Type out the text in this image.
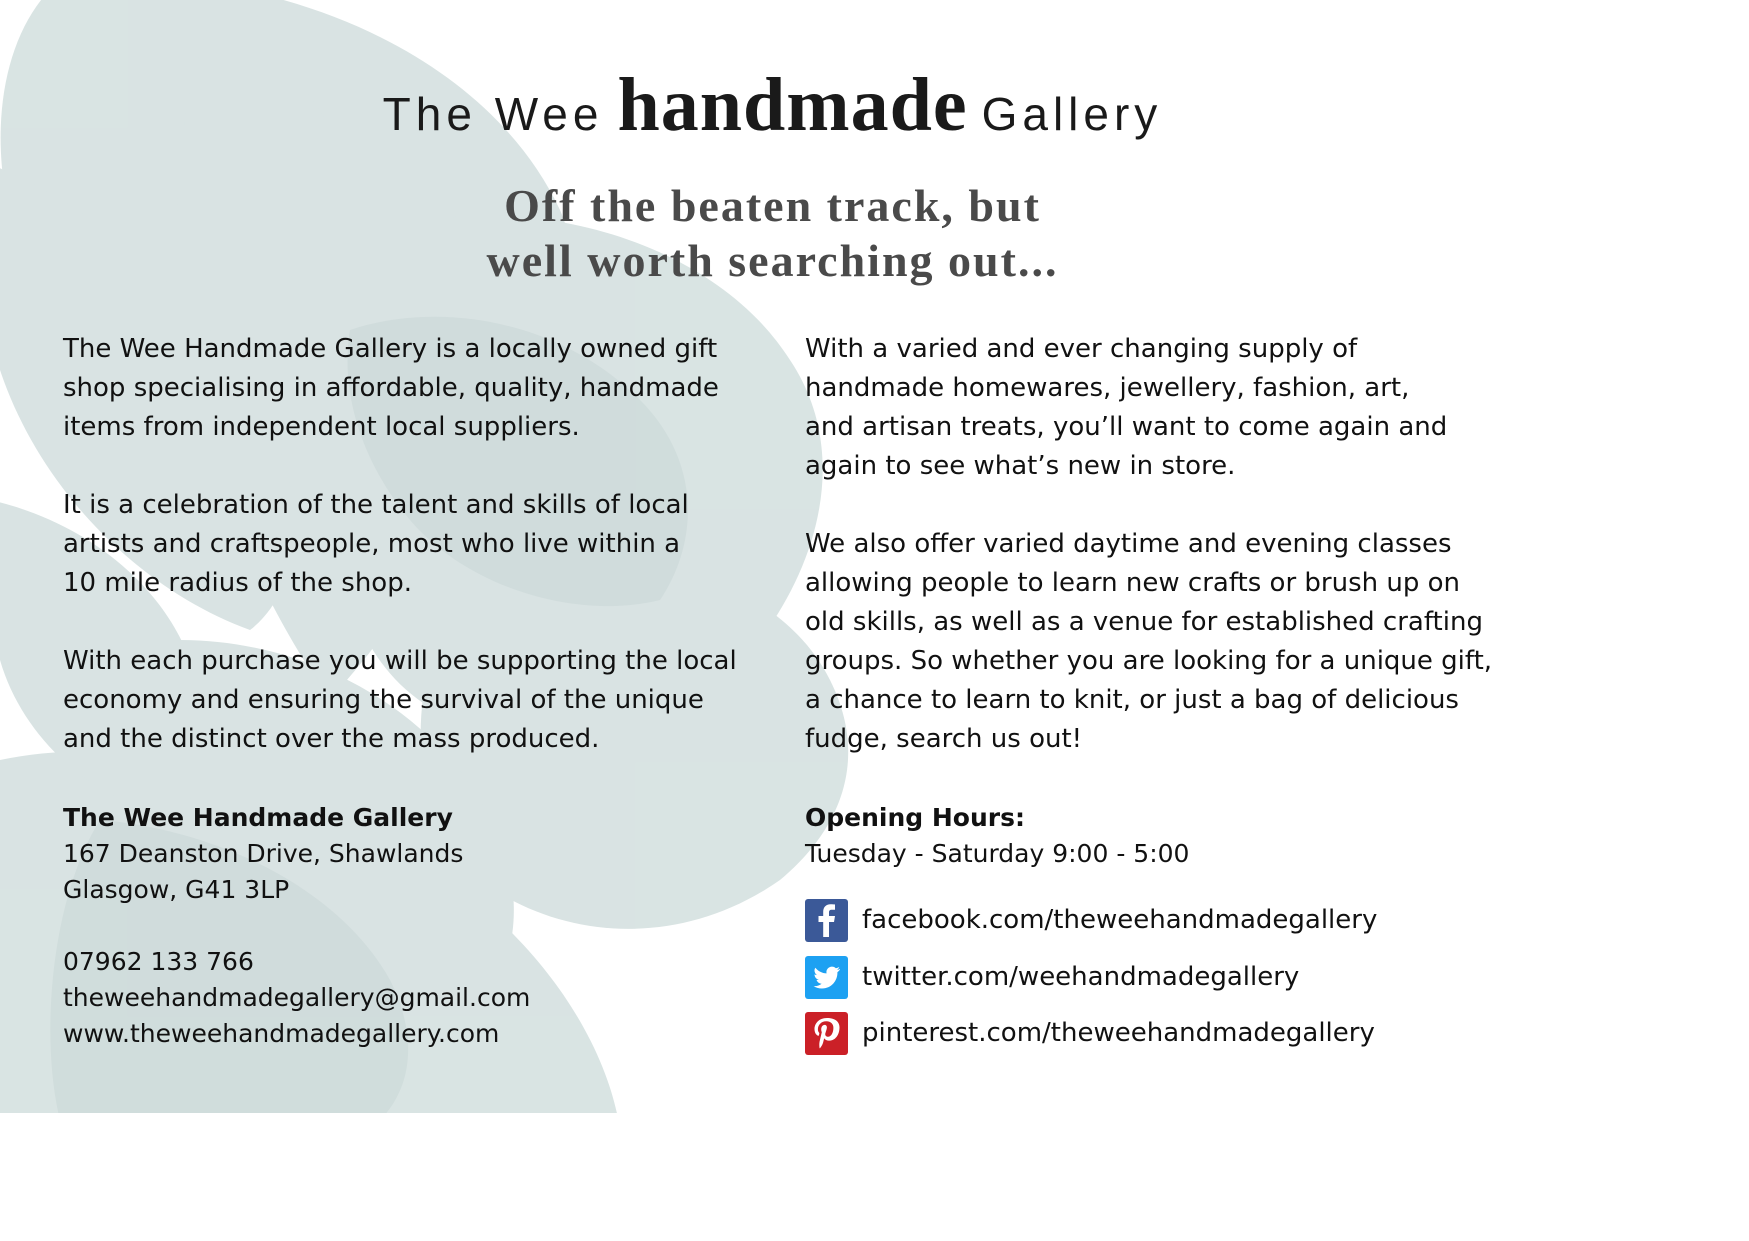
The Wee handmade Gallery
Off the beaten track, but
well worth searching out...
The Wee Handmade Gallery is a locally owned gift
shop specialising in affordable, quality, handmade
items from independent local suppliers.
It is a celebration of the talent and skills of local
artists and craftspeople, most who live within a
10 mile radius of the shop.
With each purchase you will be supporting the local
economy and ensuring the survival of the unique
and the distinct over the mass produced.
The Wee Handmade Gallery
167 Deanston Drive, Shawlands
Glasgow, G41 3LP
07962 133 766
theweehandmadegallery@gmail.com
www.theweehandmadegallery.com
With a varied and ever changing supply of
handmade homewares, jewellery, fashion, art,
and artisan treats, you’ll want to come again and
again to see what’s new in store.
We also offer varied daytime and evening classes
allowing people to learn new crafts or brush up on
old skills, as well as a venue for established crafting
groups. So whether you are looking for a unique gift,
a chance to learn to knit, or just a bag of delicious
fudge, search us out!
Opening Hours:
Tuesday - Saturday 9:00 - 5:00
facebook.com/theweehandmadegallery
twitter.com/weehandmadegallery
pinterest.com/theweehandmadegallery
